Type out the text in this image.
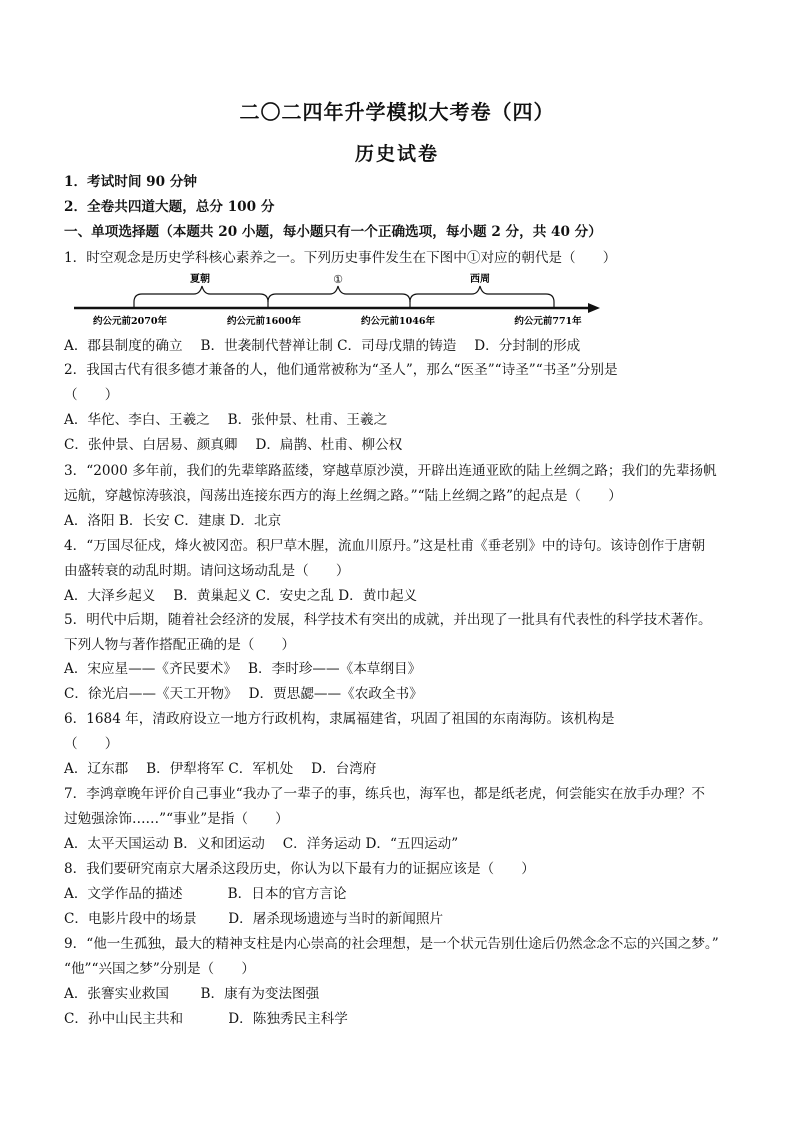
二〇二四年升学模拟大考卷（四）
历史试卷
1．考试时间 90 分钟
2．全卷共四道大题，总分 100 分
一、单项选择题（本题共 20 小题，每小题只有一个正确选项，每小题 2 分，共 40 分）
1．时空观念是历史学科核心素养之一。下列历史事件发生在下图中①对应的朝代是（　　）
夏朝	①	西周
约公元前2070年	约公元前1600年	约公元前1046年	约公元前771年
A．郡县制度的确立　 B．世袭制代替禅让制 C．司母戊鼎的铸造　 D．分封制的形成
2．我国古代有很多德才兼备的人，他们通常被称为“圣人”，那么“医圣”“诗圣”“书圣”分别是
（　　）
A．华佗、李白、王羲之　 B．张仲景、杜甫、王羲之
C．张仲景、白居易、颜真卿　 D．扁鹊、杜甫、柳公权
3．“2000 多年前，我们的先辈筚路蓝缕，穿越草原沙漠，开辟出连通亚欧的陆上丝绸之路；我们的先辈扬帆
远航，穿越惊涛骇浪，闯荡出连接东西方的海上丝绸之路。”“陆上丝绸之路”的起点是（　　）
A．洛阳 B．长安 C．建康 D．北京
4．“万国尽征戍，烽火被冈峦。积尸草木腥，流血川原丹。”这是杜甫《垂老别》中的诗句。该诗创作于唐朝
由盛转衰的动乱时期。请问这场动乱是（　　）
A．大泽乡起义　 B．黄巢起义 C．安史之乱 D．黄巾起义
5．明代中后期，随着社会经济的发展，科学技术有突出的成就，并出现了一批具有代表性的科学技术著作。
下列人物与著作搭配正确的是（　　）
A．宋应星——《齐民要术》　 B．李时珍——《本草纲目》
C．徐光启——《天工开物》　 D．贾思勰——《农政全书》
6．1684 年，清政府设立一地方行政机构，隶属福建省，巩固了祖国的东南海防。该机构是
（　　）
A．辽东郡　 B．伊犁将军 C．军机处　 D．台湾府
7．李鸿章晚年评价自己事业“我办了一辈子的事，练兵也，海军也，都是纸老虎，何尝能实在放手办理？不
过勉强涂饰……”“事业”是指（　　）
A．太平天国运动 B．义和团运动　 C．洋务运动 D．“五四运动”
8．我们要研究南京大屠杀这段历史，你认为以下最有力的证据应该是（　　）
A．文学作品的描述　　　 B．日本的官方言论
C．电影片段中的场景　　 D．屠杀现场遗迹与当时的新闻照片
9．“他一生孤独，最大的精神支柱是内心崇高的社会理想，是一个状元告别仕途后仍然念念不忘的兴国之梦。”
“他”“兴国之梦”分别是（　　）
A．张謇实业救国　　 B．康有为变法图强
C．孙中山民主共和　　　 D．陈独秀民主科学
